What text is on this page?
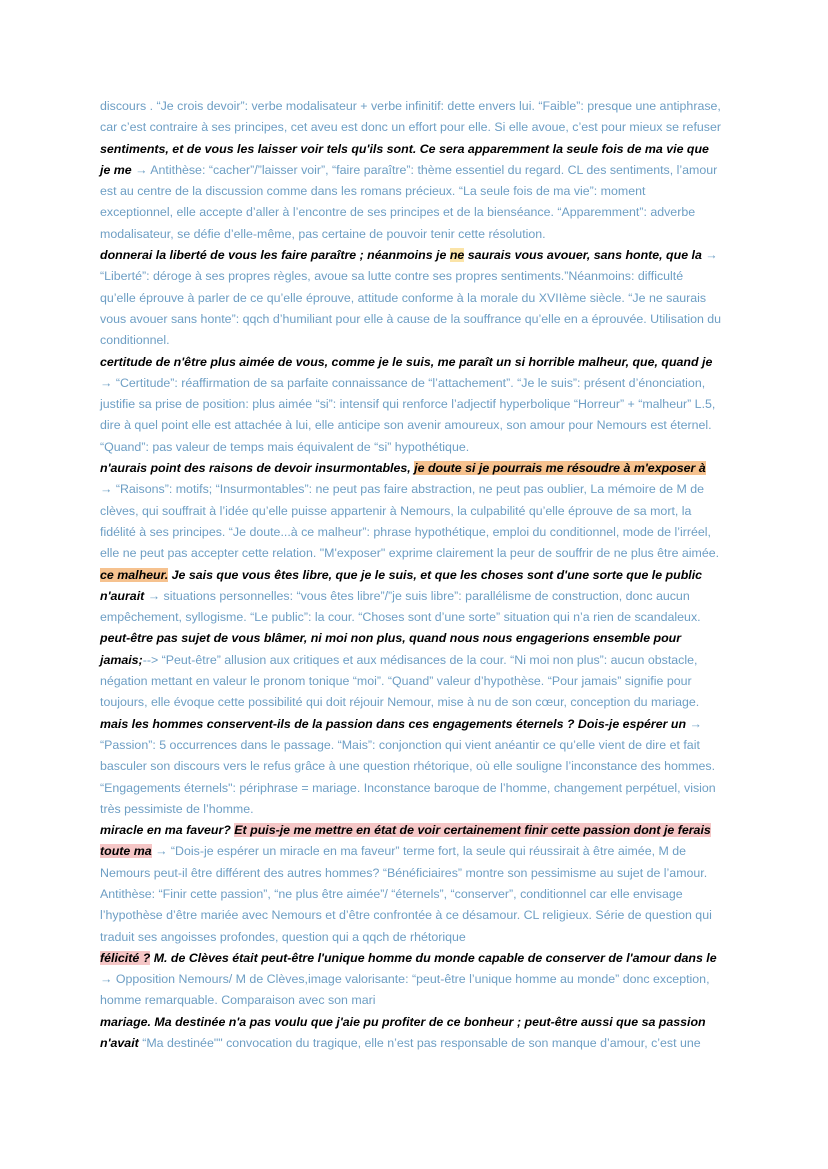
discours . “Je crois devoir”: verbe modalisateur + verbe infinitif: dette envers lui. “Faible”: presque une antiphrase,
car c’est contraire à ses principes, cet aveu est donc un effort pour elle. Si elle avoue, c’est pour mieux se refuser
sentiments, et de vous les laisser voir tels qu'ils sont. Ce sera apparemment la seule fois de ma vie que
je me → Antithèse: “cacher”/”laisser voir”, “faire paraître”: thème essentiel du regard. CL des sentiments, l’amour
est au centre de la discussion comme dans les romans précieux. “La seule fois de ma vie”: moment
exceptionnel, elle accepte d’aller à l’encontre de ses principes et de la bienséance. “Apparemment”: adverbe
modalisateur, se défie d’elle-même, pas certaine de pouvoir tenir cette résolution.
donnerai la liberté de vous les faire paraître ; néanmoins je ne saurais vous avouer, sans honte, que la →
“Liberté”: déroge à ses propres règles, avoue sa lutte contre ses propres sentiments.”Néanmoins: difficulté
qu’elle éprouve à parler de ce qu’elle éprouve, attitude conforme à la morale du XVIIème siècle. “Je ne saurais
vous avouer sans honte”: qqch d’humiliant pour elle à cause de la souffrance qu’elle en a éprouvée. Utilisation du
conditionnel.
certitude de n'être plus aimée de vous, comme je le suis, me paraît un si horrible malheur, que, quand je
→ “Certitude”: réaffirmation de sa parfaite connaissance de “l’attachement”. “Je le suis”: présent d’énonciation,
justifie sa prise de position: plus aimée “si”: intensif qui renforce l’adjectif hyperbolique “Horreur” + “malheur” L.5,
dire à quel point elle est attachée à lui, elle anticipe son avenir amoureux, son amour pour Nemours est éternel.
“Quand”: pas valeur de temps mais équivalent de “si” hypothétique.
n'aurais point des raisons de devoir insurmontables, je doute si je pourrais me résoudre à m'exposer à
→ “Raisons”: motifs; “Insurmontables”: ne peut pas faire abstraction, ne peut pas oublier, La mémoire de M de
clèves, qui souffrait à l’idée qu’elle puisse appartenir à Nemours, la culpabilité qu’elle éprouve de sa mort, la
fidélité à ses principes. “Je doute...à ce malheur”: phrase hypothétique, emploi du conditionnel, mode de l’irréel,
elle ne peut pas accepter cette relation. "M'exposer" exprime clairement la peur de souffrir de ne plus être aimée.
ce malheur. Je sais que vous êtes libre, que je le suis, et que les choses sont d'une sorte que le public
n'aurait → situations personnelles: “vous êtes libre”/”je suis libre”: parallélisme de construction, donc aucun
empêchement, syllogisme. “Le public”: la cour. “Choses sont d’une sorte” situation qui n’a rien de scandaleux.
peut-être pas sujet de vous blâmer, ni moi non plus, quand nous nous engagerions ensemble pour
jamais;--> “Peut-être” allusion aux critiques et aux médisances de la cour. “Ni moi non plus”: aucun obstacle,
négation mettant en valeur le pronom tonique “moi”. “Quand” valeur d’hypothèse. “Pour jamais” signifie pour
toujours, elle évoque cette possibilité qui doit réjouir Nemour, mise à nu de son cœur, conception du mariage.
mais les hommes conservent-ils de la passion dans ces engagements éternels ? Dois-je espérer un →
“Passion”: 5 occurrences dans le passage. “Mais”: conjonction qui vient anéantir ce qu’elle vient de dire et fait
basculer son discours vers le refus grâce à une question rhétorique, où elle souligne l’inconstance des hommes.
“Engagements éternels": périphrase = mariage. Inconstance baroque de l’homme, changement perpétuel, vision
très pessimiste de l’homme.
miracle en ma faveur? Et puis-je me mettre en état de voir certainement finir cette passion dont je ferais
toute ma → “Dois-je espérer un miracle en ma faveur” terme fort, la seule qui réussirait à être aimée, M de
Nemours peut-il être différent des autres hommes? “Bénéficiaires” montre son pessimisme au sujet de l’amour.
Antithèse: “Finir cette passion”, “ne plus être aimée”/ “éternels”, “conserver”, conditionnel car elle envisage
l’hypothèse d’être mariée avec Nemours et d’être confrontée à ce désamour. CL religieux. Série de question qui
traduit ses angoisses profondes, question qui a qqch de rhétorique
félicité ? M. de Clèves était peut-être l'unique homme du monde capable de conserver de l'amour dans le
→ Opposition Nemours/ M de Clèves,image valorisante: “peut-être l’unique homme au monde” donc exception,
homme remarquable. Comparaison avec son mari
mariage. Ma destinée n'a pas voulu que j'aie pu profiter de ce bonheur ; peut-être aussi que sa passion
n'avait “Ma destinée"" convocation du tragique, elle n’est pas responsable de son manque d’amour, c’est une
